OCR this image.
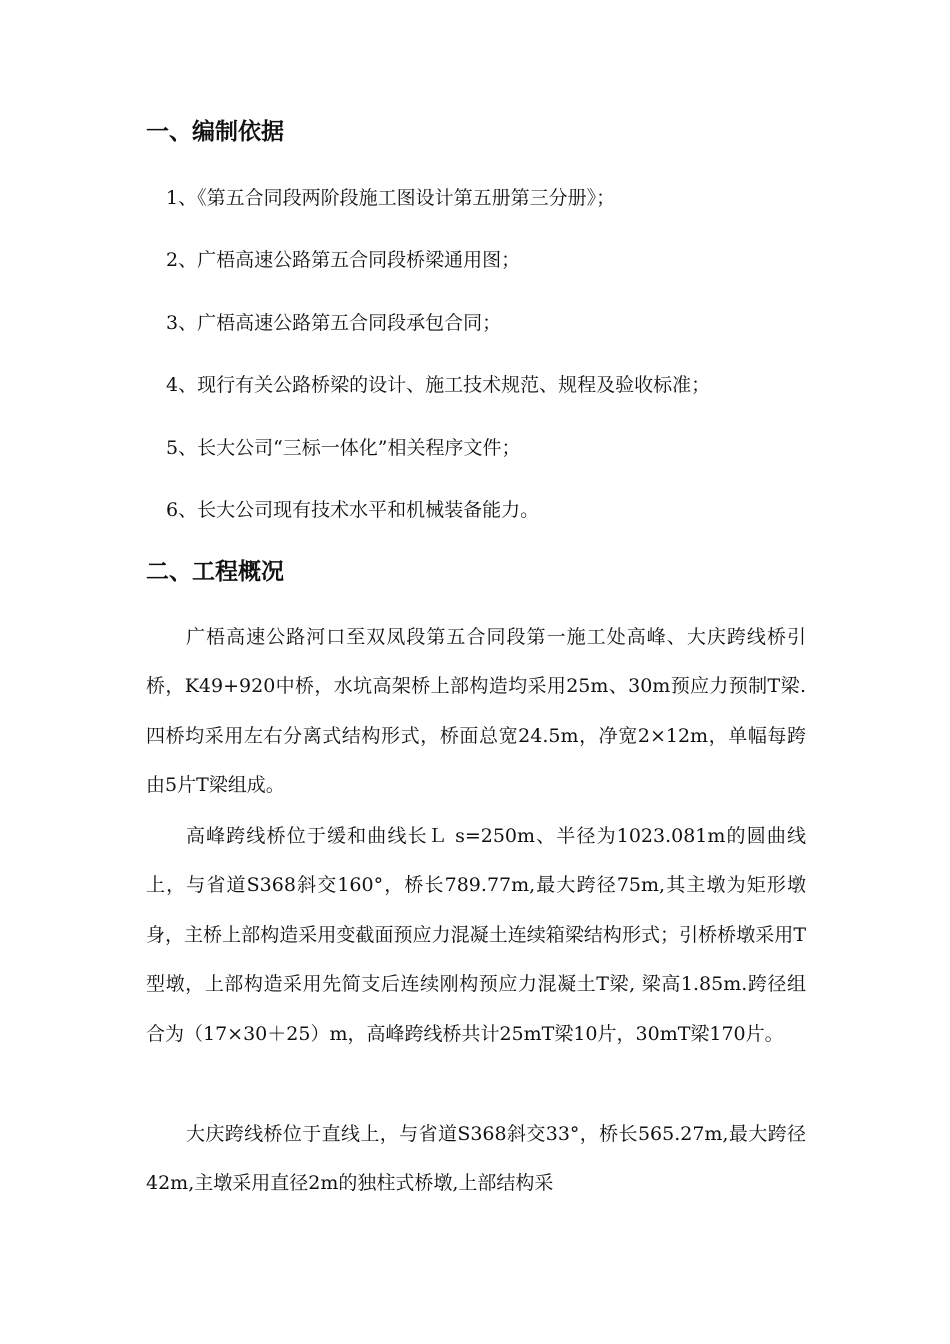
一、编制依据

1、《第五合同段两阶段施工图设计第五册第三分册》；

2、广梧高速公路第五合同段桥梁通用图；

3、广梧高速公路第五合同段承包合同；

4、现行有关公路桥梁的设计、施工技术规范、规程及验收标准；

5、长大公司“三标一体化”相关程序文件；

6、长大公司现有技术水平和机械装备能力。

二、工程概况

广梧高速公路河口至双凤段第五合同段第一施工处高峰、大庆跨线桥引桥，K49+920中桥，水坑高架桥上部构造均采用25m、30m预应力预制T梁.四桥均采用左右分离式结构形式，桥面总宽24.5m，净宽2×12m，单幅每跨由5片T梁组成。

高峰跨线桥位于缓和曲线长Ｌ s=250m、半径为1023.081m的圆曲线上，与省道S368斜交160°，桥长789.77m,最大跨径75m,其主墩为矩形墩身，主桥上部构造采用变截面预应力混凝土连续箱梁结构形式；引桥桥墩采用T型墩，上部构造采用先简支后连续刚构预应力混凝土T梁, 梁高1.85m.跨径组合为（17×30＋25）m，高峰跨线桥共计25mT梁10片，30mT梁170片。

大庆跨线桥位于直线上，与省道S368斜交33°，桥长565.27m,最大跨径42m,主墩采用直径2m的独柱式桥墩,上部结构采
